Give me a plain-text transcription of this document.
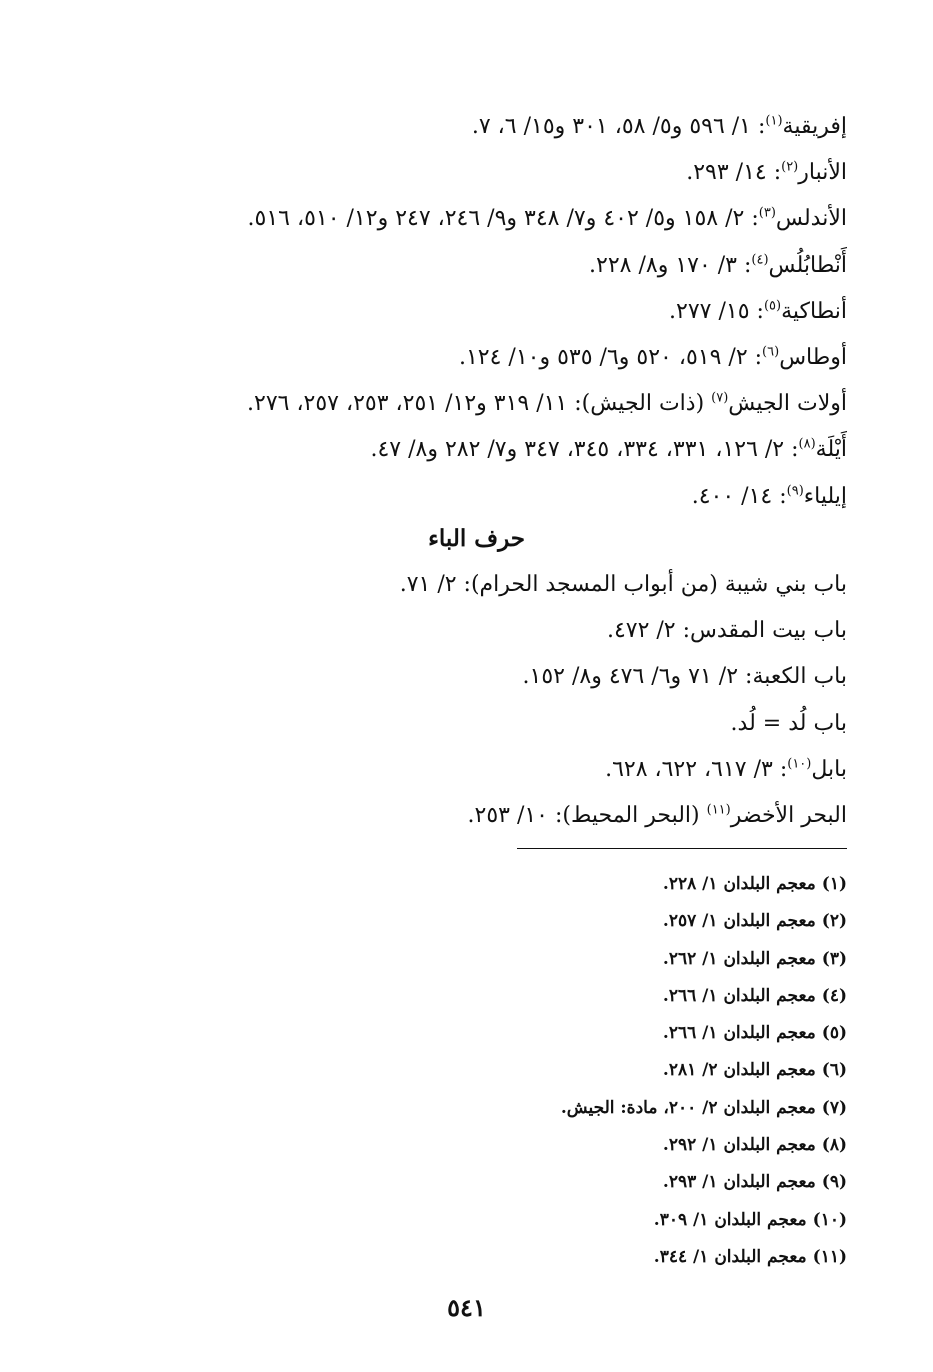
إفريقية$^{(١)}$: ١/ ٥٩٦ و٥/ ٥٨، ٣٠١ و١٥/ ٦، ٧.
الأنبار$^{(٢)}$: ١٤/ ٢٩٣.
الأندلس$^{(٣)}$: ٢/ ١٥٨ و٥/ ٤٠٢ و٧/ ٣٤٨ و٩/ ٢٤٦، ٢٤٧ و١٢/ ٥١٠، ٥١٦.
أَنْطابُلُس$^{(٤)}$: ٣/ ١٧٠ و٨/ ٢٢٨.
أنطاكية$^{(٥)}$: ١٥/ ٢٧٧.
أوطاس$^{(٦)}$: ٢/ ٥١٩، ٥٢٠ و٦/ ٥٣٥ و١٠/ ١٢٤.
أولات الجيش$^{(٧)}$ (ذات الجيش): ١١/ ٣١٩ و١٢/ ٢٥١، ٢٥٣، ٢٥٧، ٢٧٦.
أَيْلَة$^{(٨)}$: ٢/ ١٢٦، ٣٣١، ٣٣٤، ٣٤٥، ٣٤٧ و٧/ ٢٨٢ و٨/ ٤٧.
إيلياء$^{(٩)}$: ١٤/ ٤٠٠.
حرف الباء
باب بني شيبة (من أبواب المسجد الحرام): ٢/ ٧١.
باب بيت المقدس: ٢/ ٤٧٢.
باب الكعبة: ٢/ ٧١ و٦/ ٤٧٦ و٨/ ١٥٢.
باب لُد = لُد.
بابل$^{(١٠)}$: ٣/ ٦١٧، ٦٢٢، ٦٢٨.
البحر الأخضر$^{(١١)}$ (البحر المحيط): ١٠/ ٢٥٣.
(١)معجم البلدان ١/ ٢٢٨.
(٢)معجم البلدان ١/ ٢٥٧.
(٣)معجم البلدان ١/ ٢٦٢.
(٤)معجم البلدان ١/ ٢٦٦.
(٥)معجم البلدان ١/ ٢٦٦.
(٦)معجم البلدان ٢/ ٢٨١.
(٧)معجم البلدان ٢/ ٢٠٠، مادة: الجيش.
(٨)معجم البلدان ١/ ٢٩٢.
(٩)معجم البلدان ١/ ٢٩٣.
(١٠)معجم البلدان ١/ ٣٠٩.
(١١)معجم البلدان ١/ ٣٤٤.
٥٤١
